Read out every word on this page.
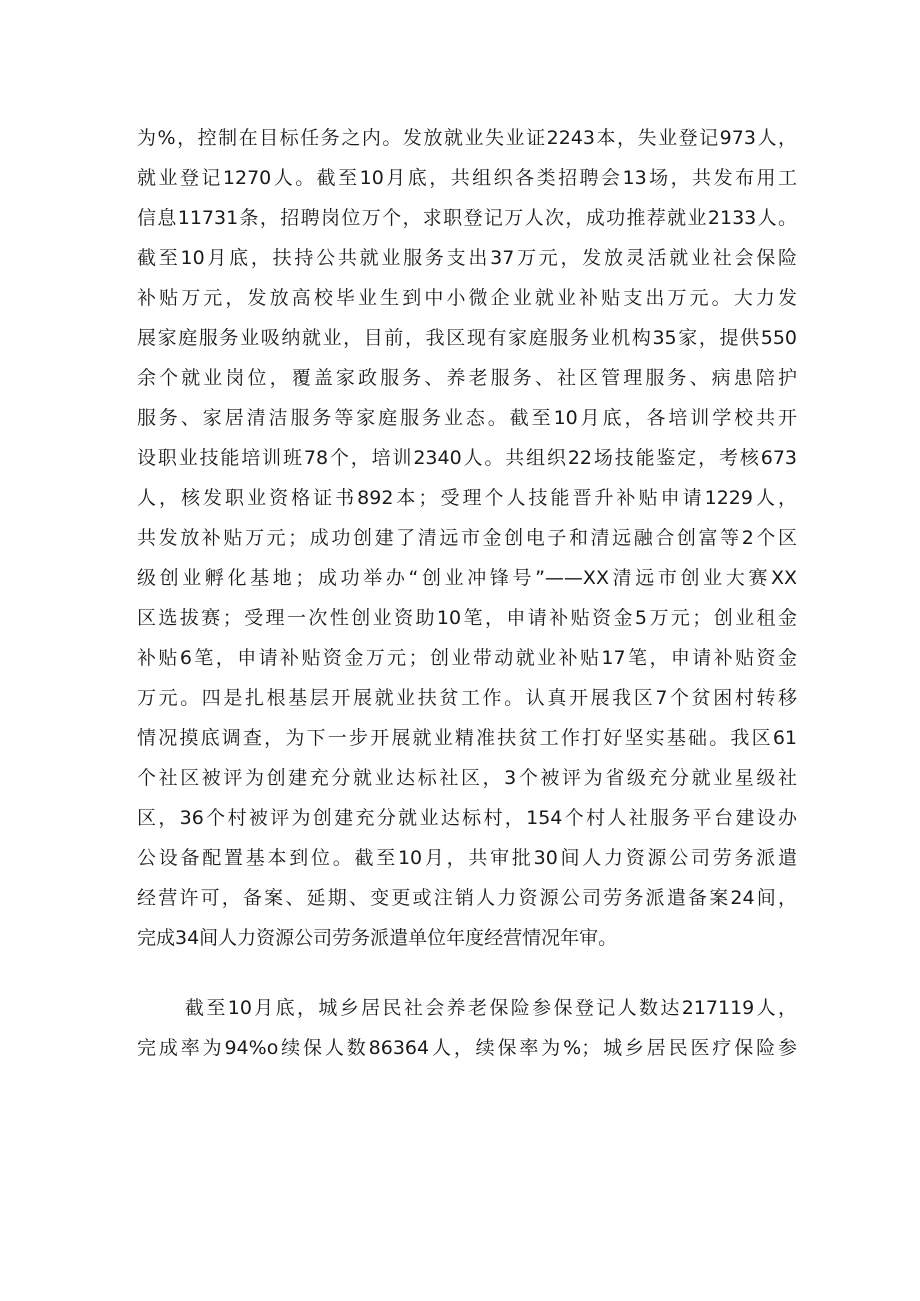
为%，控制在目标任务之内。发放就业失业证2243本，失业登记973人，
就业登记1270人。截至10月底，共组织各类招聘会13场，共发布用工
信息11731条，招聘岗位万个，求职登记万人次，成功推荐就业2133人。
截至10月底，扶持公共就业服务支出37万元，发放灵活就业社会保险
补贴万元，发放高校毕业生到中小微企业就业补贴支出万元。大力发
展家庭服务业吸纳就业，目前，我区现有家庭服务业机构35家，提供550
余个就业岗位，覆盖家政服务、养老服务、社区管理服务、病患陪护
服务、家居清洁服务等家庭服务业态。截至10月底，各培训学校共开
设职业技能培训班78个，培训2340人。共组织22场技能鉴定，考核673
人，核发职业资格证书892本；受理个人技能晋升补贴申请1229人，
共发放补贴万元；成功创建了清远市金创电子和清远融合创富等2个区
级创业孵化基地；成功举办“创业冲锋号”——XX清远市创业大赛XX
区选拔赛；受理一次性创业资助10笔，申请补贴资金5万元；创业租金
补贴6笔，申请补贴资金万元；创业带动就业补贴17笔，申请补贴资金
万元。四是扎根基层开展就业扶贫工作。认真开展我区7个贫困村转移
情况摸底调查，为下一步开展就业精准扶贫工作打好坚实基础。我区61
个社区被评为创建充分就业达标社区，3个被评为省级充分就业星级社
区，36个村被评为创建充分就业达标村，154个村人社服务平台建设办
公设备配置基本到位。截至10月，共审批30间人力资源公司劳务派遣
经营许可，备案、延期、变更或注销人力资源公司劳务派遣备案24间，
完成34间人力资源公司劳务派遣单位年度经营情况年审。
截至10月底，城乡居民社会养老保险参保登记人数达217119人，
完成率为94%o续保人数86364人，续保率为%；城乡居民医疗保险参
